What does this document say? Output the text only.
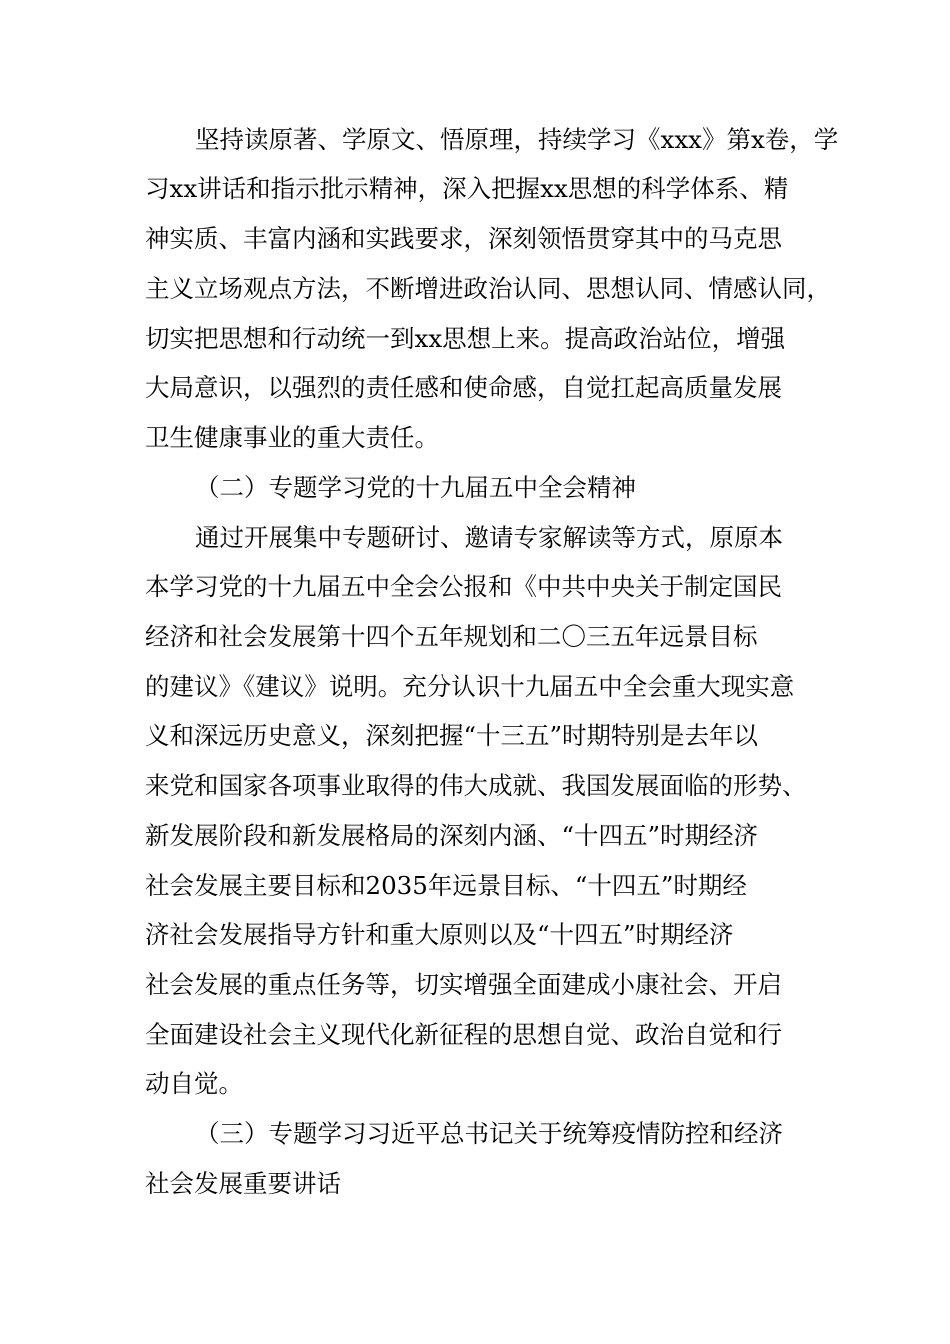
坚持读原著、学原文、悟原理，持续学习《xxx》第x卷，学

习xx讲话和指示批示精神，深入把握xx思想的科学体系、精

神实质、丰富内涵和实践要求，深刻领悟贯穿其中的马克思

主义立场观点方法，不断增进政治认同、思想认同、情感认同，

切实把思想和行动统一到xx思想上来。提高政治站位，增强

大局意识，以强烈的责任感和使命感，自觉扛起高质量发展

卫生健康事业的重大责任。

（二）专题学习党的十九届五中全会精神

通过开展集中专题研讨、邀请专家解读等方式，原原本

本学习党的十九届五中全会公报和《中共中央关于制定国民

经济和社会发展第十四个五年规划和二〇三五年远景目标

的建议》《建议》说明。充分认识十九届五中全会重大现实意

义和深远历史意义，深刻把握“十三五”时期特别是去年以

来党和国家各项事业取得的伟大成就、我国发展面临的形势、

新发展阶段和新发展格局的深刻内涵、“十四五”时期经济

社会发展主要目标和2035年远景目标、“十四五”时期经

济社会发展指导方针和重大原则以及“十四五”时期经济

社会发展的重点任务等，切实增强全面建成小康社会、开启

全面建设社会主义现代化新征程的思想自觉、政治自觉和行

动自觉。

（三）专题学习习近平总书记关于统筹疫情防控和经济

社会发展重要讲话
